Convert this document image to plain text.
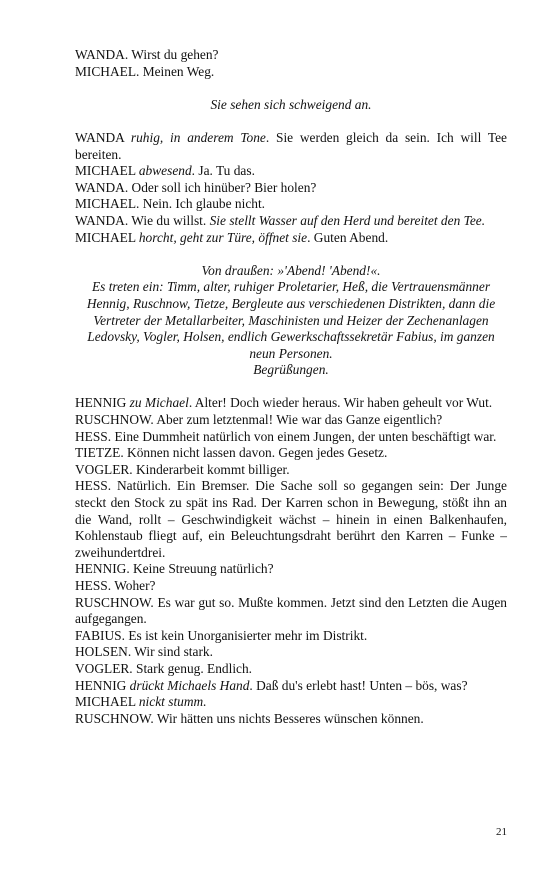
WANDA. Wirst du gehen?
MICHAEL. Meinen Weg.
Sie sehen sich schweigend an.
WANDA ruhig, in anderem Tone. Sie werden gleich da sein. Ich will Tee bereiten.
MICHAEL abwesend. Ja. Tu das.
WANDA. Oder soll ich hinüber? Bier holen?
MICHAEL. Nein. Ich glaube nicht.
WANDA. Wie du willst. Sie stellt Wasser auf den Herd und bereitet den Tee.
MICHAEL horcht, geht zur Türe, öffnet sie. Guten Abend.
Von draußen: »'Abend! 'Abend!«.
Es treten ein: Timm, alter, ruhiger Proletarier, Heß, die Vertrauensmänner Hennig, Ruschnow, Tietze, Bergleute aus verschiedenen Distrikten, dann die Vertreter der Metallarbeiter, Maschinisten und Heizer der Zechenanlagen Ledovsky, Vogler, Holsen, endlich Gewerkschaftssekretär Fabius, im ganzen neun Personen.
Begrüßungen.
HENNIG zu Michael. Alter! Doch wieder heraus. Wir haben geheult vor Wut.
RUSCHNOW. Aber zum letztenmal! Wie war das Ganze eigentlich?
HESS. Eine Dummheit natürlich von einem Jungen, der unten beschäftigt war.
TIETZE. Können nicht lassen davon. Gegen jedes Gesetz.
VOGLER. Kinderarbeit kommt billiger.
HESS. Natürlich. Ein Bremser. Die Sache soll so gegangen sein: Der Junge steckt den Stock zu spät ins Rad. Der Karren schon in Bewegung, stößt ihn an die Wand, rollt – Geschwindigkeit wächst – hinein in einen Balkenhaufen, Kohlenstaub fliegt auf, ein Beleuchtungsdraht berührt den Karren – Funke – zweihundertdrei.
HENNIG. Keine Streuung natürlich?
HESS. Woher?
RUSCHNOW. Es war gut so. Mußte kommen. Jetzt sind den Letzten die Augen aufgegangen.
FABIUS. Es ist kein Unorganisierter mehr im Distrikt.
HOLSEN. Wir sind stark.
VOGLER. Stark genug. Endlich.
HENNIG drückt Michaels Hand. Daß du's erlebt hast! Unten – bös, was?
MICHAEL nickt stumm.
RUSCHNOW. Wir hätten uns nichts Besseres wünschen können.
21
